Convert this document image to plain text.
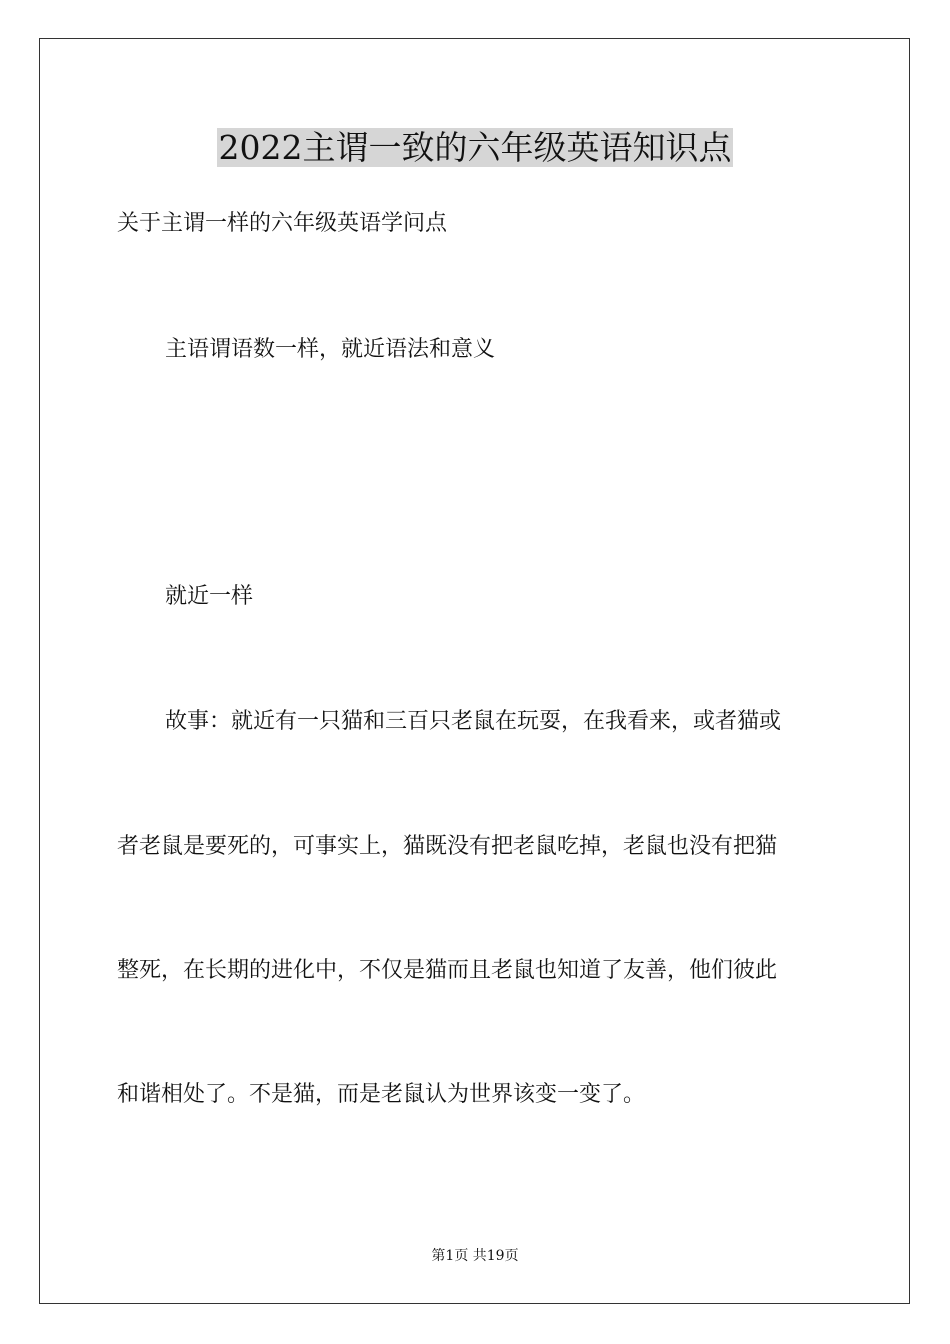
2022主谓一致的六年级英语知识点

关于主谓一样的六年级英语学问点

主语谓语数一样，就近语法和意义

就近一样

故事：就近有一只猫和三百只老鼠在玩耍，在我看来，或者猫或

者老鼠是要死的，可事实上，猫既没有把老鼠吃掉，老鼠也没有把猫

整死，在长期的进化中，不仅是猫而且老鼠也知道了友善，他们彼此

和谐相处了。不是猫，而是老鼠认为世界该变一变了。

第1页 共19页
